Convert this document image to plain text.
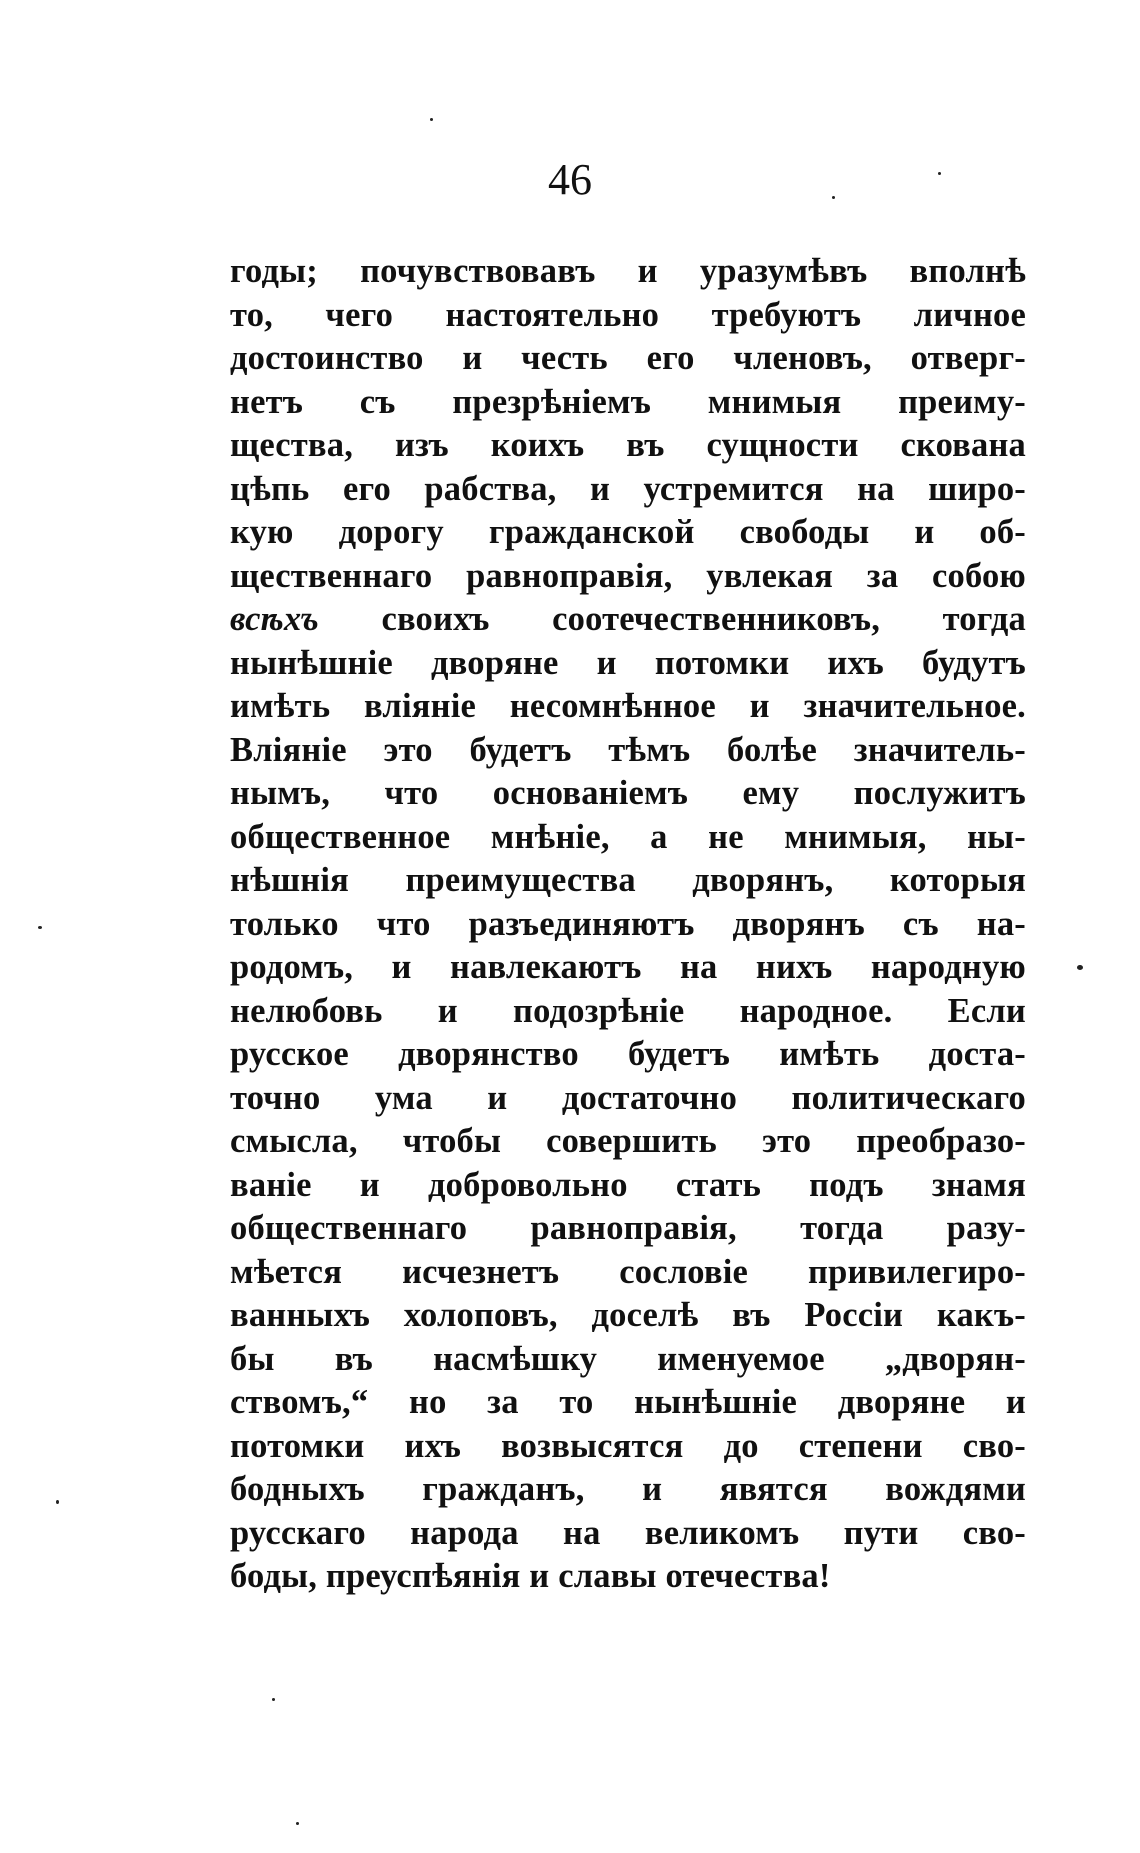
46
годы; почувствовавъ и уразумѣвъ вполнѣ
то, чего настоятельно требуютъ личное
достоинство и честь его членовъ, отверг-
нетъ съ презрѣніемъ мнимыя преиму-
щества, изъ коихъ въ сущности скована
цѣпь его рабства, и устремится на широ-
кую дорогу гражданской свободы и об-
щественнаго равноправія, увлекая за собою
всѣхъ своихъ соотечественниковъ, тогда
нынѣшніе дворяне и потомки ихъ будутъ
имѣть вліяніе несомнѣнное и значительное.
Вліяніе это будетъ тѣмъ болѣе значитель-
нымъ, что основаніемъ ему послужитъ
общественное мнѣніе, а не мнимыя, ны-
нѣшнія преимущества дворянъ, которыя
только что разъединяютъ дворянъ съ на-
родомъ, и навлекаютъ на нихъ народную
нелюбовь и подозрѣніе народное. Если
русское дворянство будетъ имѣть доста-
точно ума и достаточно политическаго
смысла, чтобы совершить это преобразо-
ваніе и добровольно стать подъ знамя
общественнаго равноправія, тогда разу-
мѣется исчезнетъ сословіе привилегиро-
ванныхъ холоповъ, доселѣ въ Россіи какъ-
бы въ насмѣшку именуемое „дворян-
ствомъ,“ но за то нынѣшніе дворяне и
потомки ихъ возвысятся до степени сво-
бодныхъ гражданъ, и явятся вождями
русскаго народа на великомъ пути сво-
боды, преуспѣянія и славы отечества!
